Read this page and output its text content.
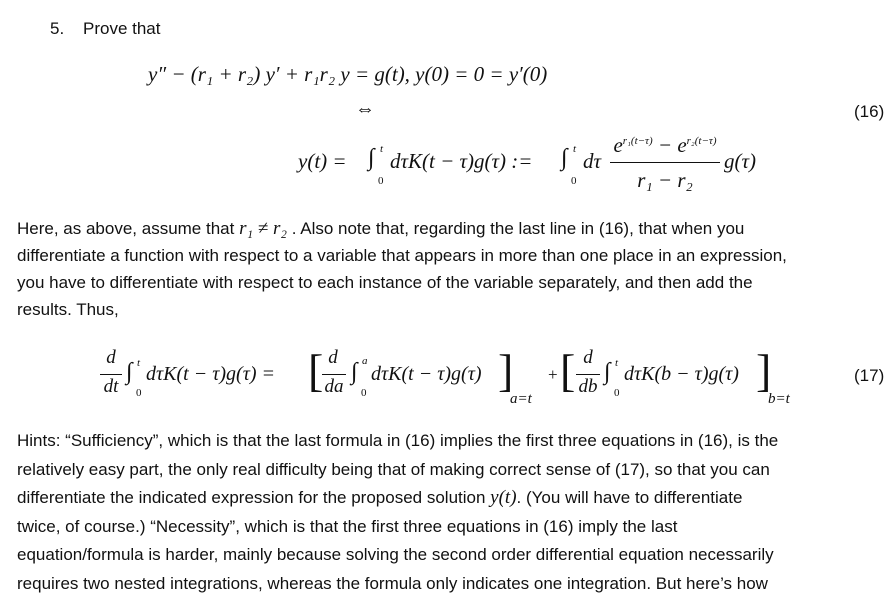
5. Prove that
y″ − (r₁ + r₂) y′ + r₁r₂ y = g(t), y(0) = 0 = y′(0)
⇔	(16)
y(t) = ∫ t
0
dτK(t − τ)g(τ) := ∫ t
0
dτ
$e^{r_1(t-\tau)} - e^{r_2(t-\tau)}$
r₁ − r₂
g(τ)
Here, as above, assume that r₁ ≠ r₂ . Also note that, regarding the last line in (16), that when you
differentiate a function with respect to a variable that appears in more than one place in an expression,
you have to differentiate with respect to each instance of the variable separately, and then add the
results. Thus,
d
dt
∫ t
0
dτK(t − τ)g(τ) = [ d
da
∫ a
0
dτK(t − τ)g(τ) ]
a=t
+ [ d
db
∫ t
0
dτK(b − τ)g(τ) ]
b=t
(17)
Hints: “Sufficiency”, which is that the last formula in (16) implies the first three equations in (16), is the
relatively easy part, the only real difficulty being that of making correct sense of (17), so that you can
differentiate the indicated expression for the proposed solution y(t). (You will have to differentiate
twice, of course.) “Necessity”, which is that the first three equations in (16) imply the last
equation/formula is harder, mainly because solving the second order differential equation necessarily
requires two nested integrations, whereas the formula only indicates one integration. But here’s how
